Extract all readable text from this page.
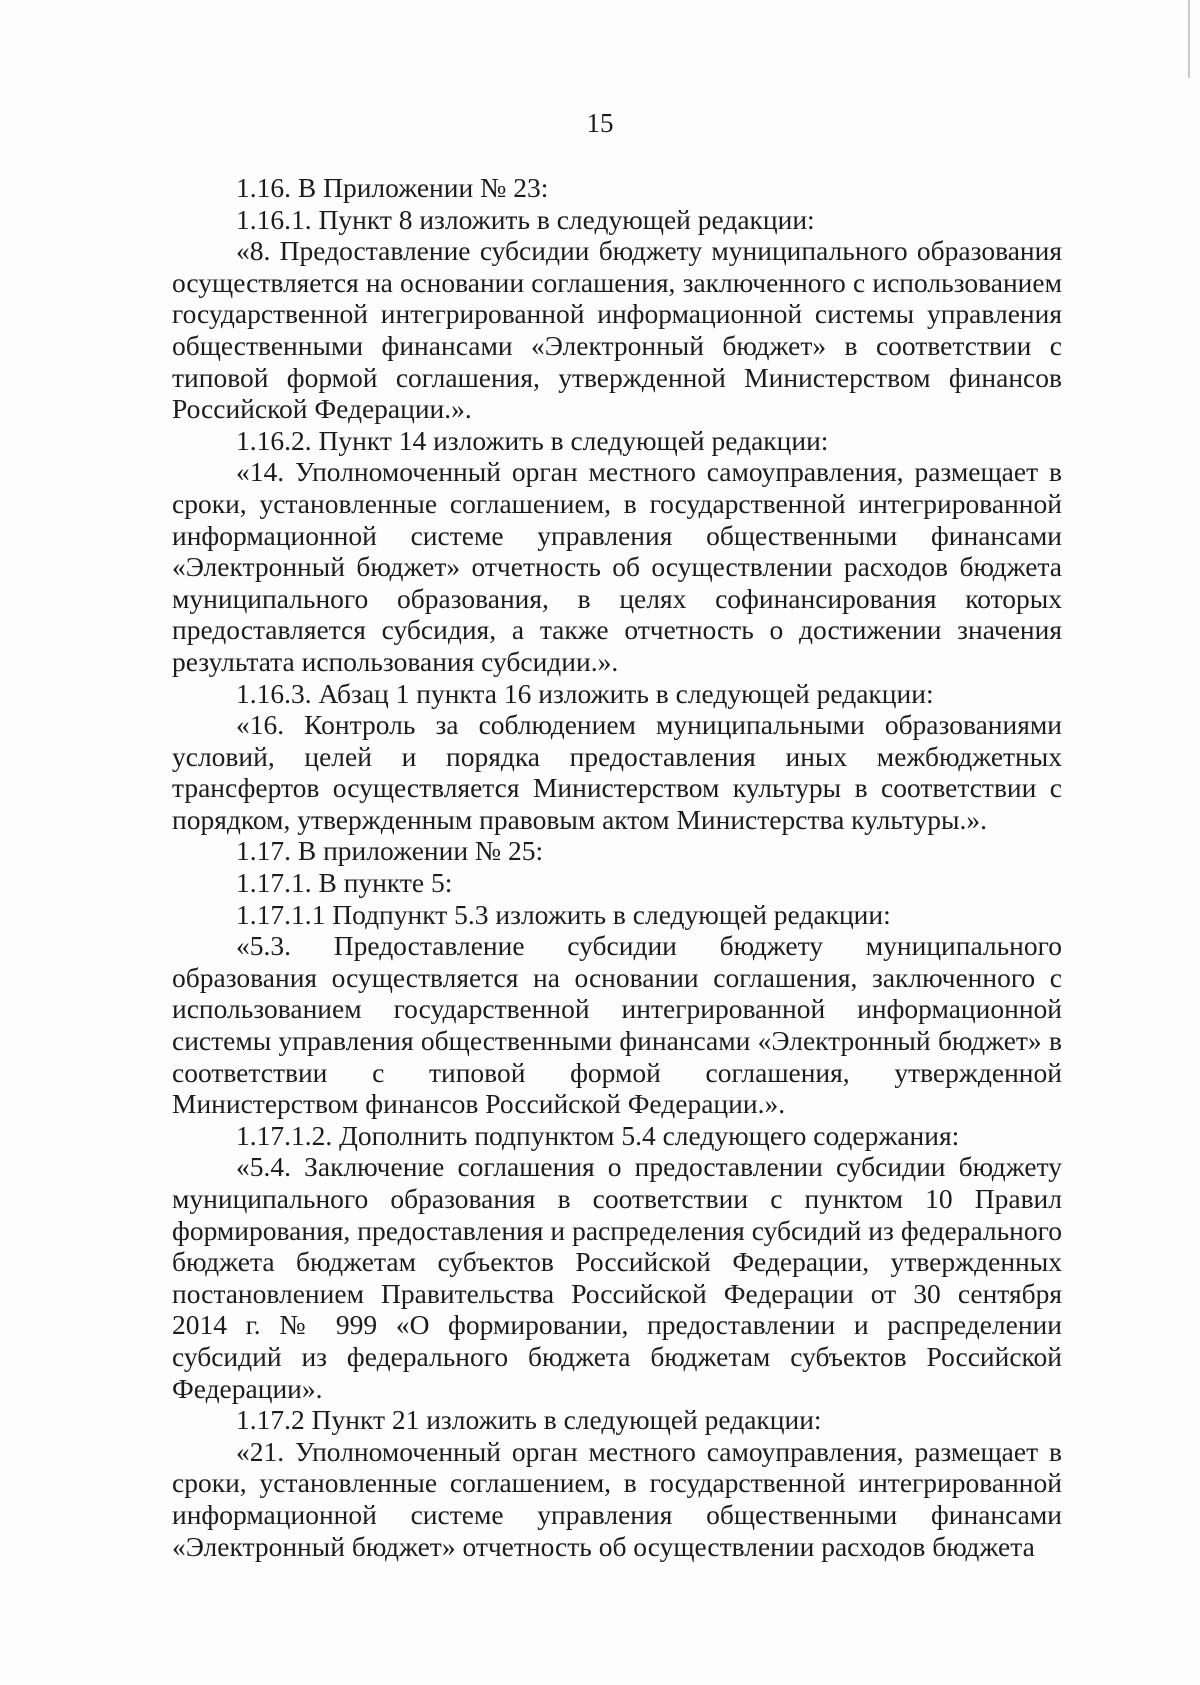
15

1.16. В Приложении № 23:

1.16.1. Пункт 8 изложить в следующей редакции:

«8. Предоставление субсидии бюджету муниципального образования осуществляется на основании соглашения, заключенного с использованием государственной интегрированной информационной системы управления общественными финансами «Электронный бюджет» в соответствии с типовой формой соглашения, утвержденной Министерством финансов Российской Федерации.».

1.16.2. Пункт 14 изложить в следующей редакции:

«14. Уполномоченный орган местного самоуправления, размещает в сроки, установленные соглашением, в государственной интегрированной информационной системе управления общественными финансами «Электронный бюджет» отчетность об осуществлении расходов бюджета муниципального образования, в целях софинансирования которых предоставляется субсидия, а также отчетность о достижении значения результата использования субсидии.».

1.16.3. Абзац 1 пункта 16 изложить в следующей редакции:

«16. Контроль за соблюдением муниципальными образованиями условий, целей и порядка предоставления иных межбюджетных трансфертов осуществляется Министерством культуры в соответствии с порядком, утвержденным правовым актом Министерства культуры.».

1.17. В приложении № 25:

1.17.1. В пункте 5:

1.17.1.1 Подпункт 5.3 изложить в следующей редакции:

«5.3. Предоставление субсидии бюджету муниципального образования осуществляется на основании соглашения, заключенного с использованием государственной интегрированной информационной системы управления общественными финансами «Электронный бюджет» в соответствии с типовой формой соглашения, утвержденной Министерством финансов Российской Федерации.».

1.17.1.2. Дополнить подпунктом 5.4 следующего содержания:

«5.4. Заключение соглашения о предоставлении субсидии бюджету муниципального образования в соответствии с пунктом 10 Правил формирования, предоставления и распределения субсидий из федерального бюджета бюджетам субъектов Российской Федерации, утвержденных постановлением Правительства Российской Федерации от 30 сентября 2014 г. № 999 «О формировании, предоставлении и распределении субсидий из федерального бюджета бюджетам субъектов Российской Федерации».

1.17.2 Пункт 21 изложить в следующей редакции:

«21. Уполномоченный орган местного самоуправления, размещает в сроки, установленные соглашением, в государственной интегрированной информационной системе управления общественными финансами «Электронный бюджет» отчетность об осуществлении расходов бюджета
